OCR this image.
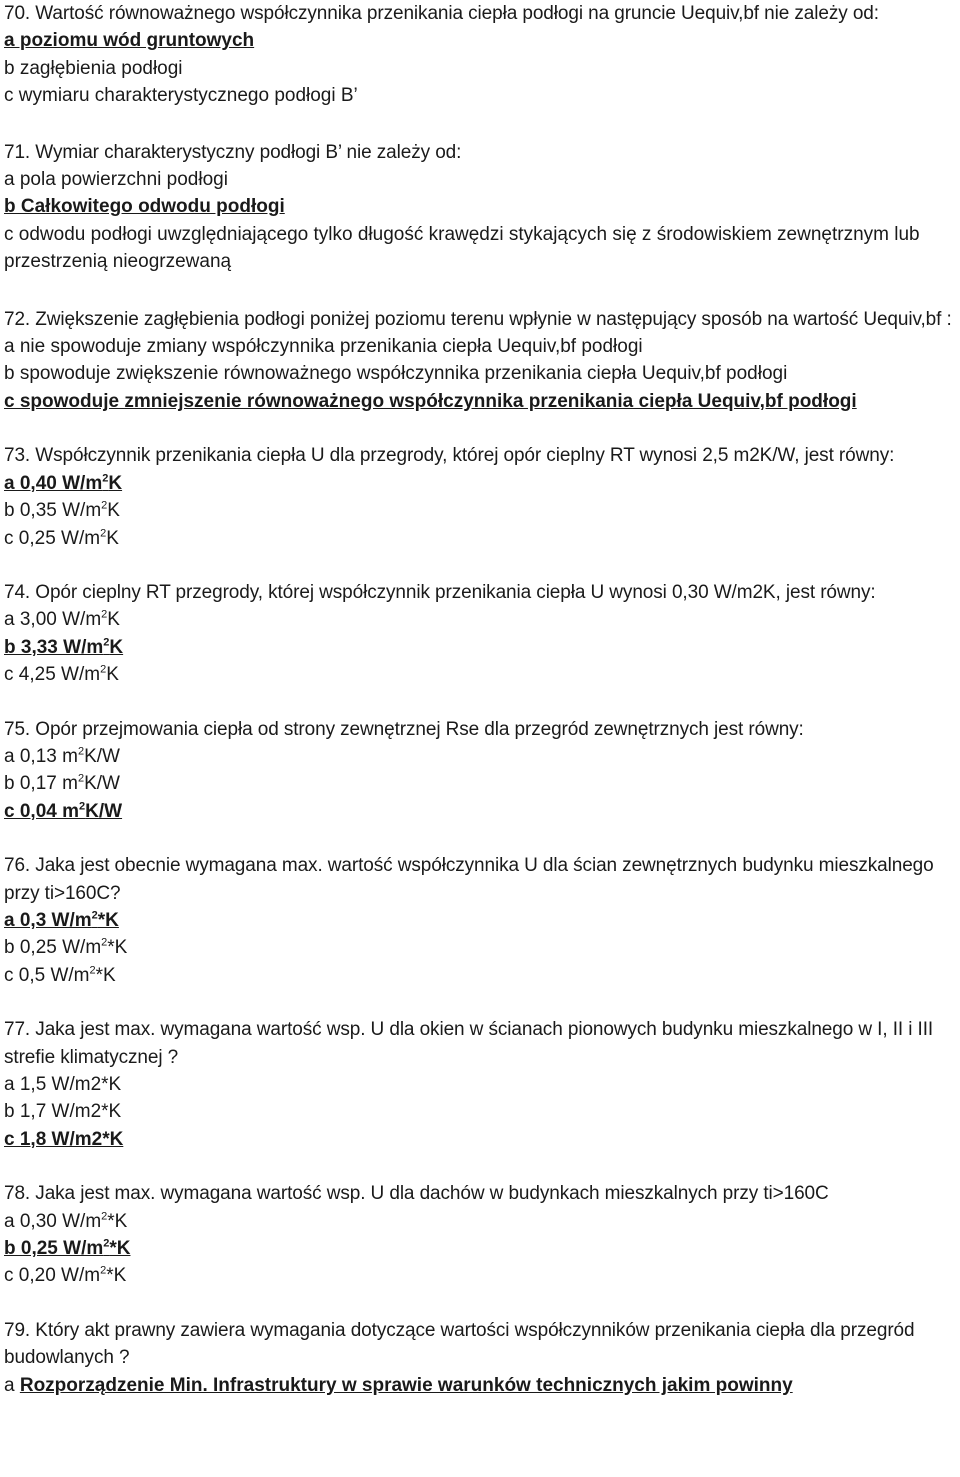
70. Wartość równoważnego współczynnika przenikania ciepła podłogi na gruncie Uequiv,bf nie zależy od:

a poziomu wód gruntowych

b zagłębienia podłogi

c wymiaru charakterystycznego podłogi B’

71. Wymiar charakterystyczny podłogi B’ nie zależy od:

a pola powierzchni podłogi

b Całkowitego odwodu podłogi

c odwodu podłogi uwzględniającego tylko długość krawędzi stykających się z środowiskiem zewnętrznym lub przestrzenią nieogrzewaną

72. Zwiększenie zagłębienia podłogi poniżej poziomu terenu wpłynie w następujący sposób na wartość Uequiv,bf :

a nie spowoduje zmiany współczynnika przenikania ciepła Uequiv,bf podłogi

b spowoduje zwiększenie równoważnego współczynnika przenikania ciepła Uequiv,bf podłogi

c spowoduje zmniejszenie równoważnego współczynnika przenikania ciepła Uequiv,bf podłogi

73. Współczynnik przenikania ciepła U dla przegrody, której opór cieplny RT wynosi 2,5 m2K/W, jest równy:

a 0,40 $W/m^2K$

b 0,35 $W/m^2K$

c 0,25 $W/m^2K$

74. Opór cieplny RT przegrody, której współczynnik przenikania ciepła U wynosi 0,30 W/m2K, jest równy:

a 3,00 $W/m^2K$

b 3,33 $W/m^2K$

c 4,25 $W/m^2K$

75. Opór przejmowania ciepła od strony zewnętrznej Rse dla przegród zewnętrznych jest równy:

a 0,13 $m^2K/W$

b 0,17 $m^2K/W$

c 0,04 $m^2K/W$

76. Jaka jest obecnie wymagana max. wartość współczynnika U dla ścian zewnętrznych budynku mieszkalnego przy ti>160C?

a 0,3 $W/m^2*K$

b 0,25 $W/m^2*K$

c 0,5 $W/m^2*K$

77. Jaka jest max. wymagana wartość wsp. U dla okien w ścianach pionowych budynku mieszkalnego w I, II i III strefie klimatycznej ?

a 1,5 W/m2*K

b 1,7 W/m2*K

c 1,8 W/m2*K

78. Jaka jest max. wymagana wartość wsp. U dla dachów w budynkach mieszkalnych przy ti>160C

a 0,30 $W/m^2*K$

b 0,25 $W/m^2*K$

c 0,20 $W/m^2*K$

79. Który akt prawny zawiera wymagania dotyczące wartości współczynników przenikania ciepła dla przegród budowlanych ?

a Rozporządzenie Min. Infrastruktury w sprawie warunków technicznych jakim powinny
